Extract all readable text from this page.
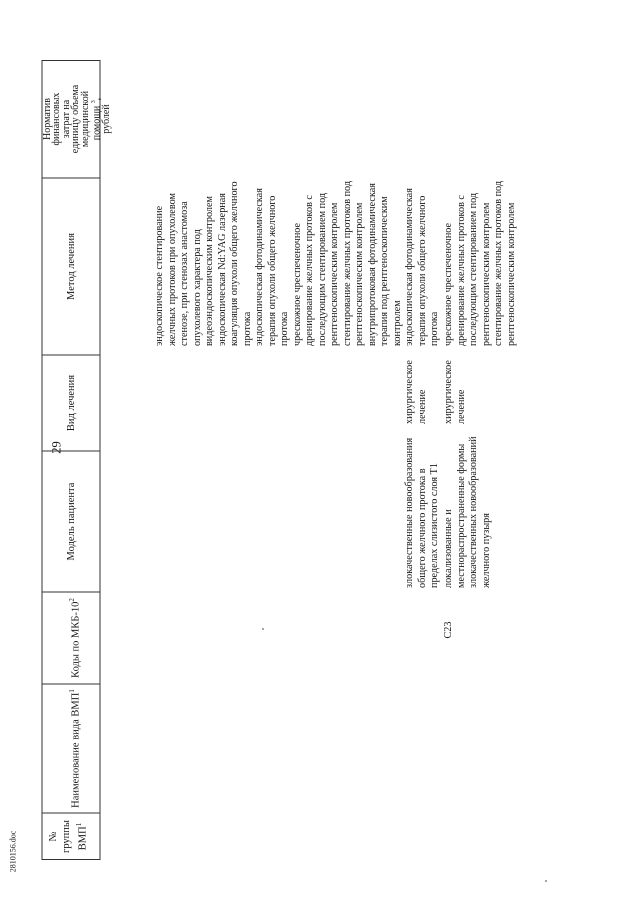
29
№ группы ВМП$^1$
Наименование вида ВМП$^1$
Коды по МКБ-$10^2$
Модель пациента
Вид лечения
Метод лечения
Норматив
финансовых
затрат на
единицу объема
медицинской помощи $^3$,
рублей
эндоскопическое стентирование желчных протоков при опухолевом стенозе, при стенозах анастомоза опухолевого характера под видеоэндоскопическим контролем эндоскопическая Nd:YAG лазерная коагуляция опухоли общего желчного протока эндоскопическая фотодинамическая терапия опухоли общего желчного протока чрескожное чреспеченочное дренирование желчных протоков с последующим стентированием под рентгеноскопическим контролем стентирование желчных протоков под рентгеноскопическим контролем внутрипротоковая фотодинамическая терапия под рентгеноскопическим контролем
злокачественные новообразования общего желчного протока в пределах слизистого слоя T1
хирургическое лечение
эндоскопическая фотодинамическая терапия опухоли общего желчного протока
C23
локализованные и местнораспространенные формы злокачественных новообразований желчного пузыря
хирургическое лечение
чрескожное чреспеченочное дренирование желчных протоков с последующим стентированием под рентгеноскопическим контролем стентирование желчных протоков под рентгеноскопическим контролем
2810156.doc
